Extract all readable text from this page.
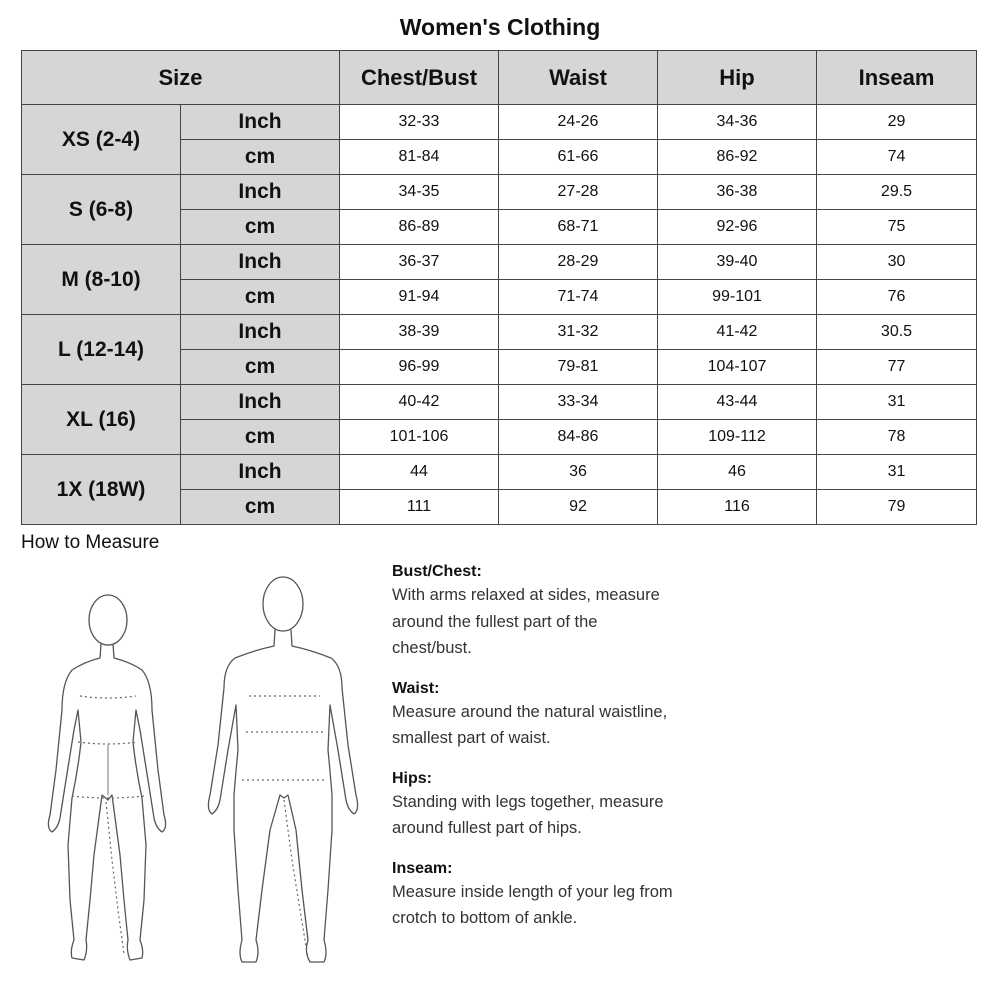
Women's Clothing
Size		Chest/Bust	Waist	Hip	Inseam
XS (2-4)	Inch	32-33	24-26	34-36	29
	cm	81-84	61-66	86-92	74
S (6-8)	Inch	34-35	27-28	36-38	29.5
	cm	86-89	68-71	92-96	75
M (8-10)	Inch	36-37	28-29	39-40	30
	cm	91-94	71-74	99-101	76
L (12-14)	Inch	38-39	31-32	41-42	30.5
	cm	96-99	79-81	104-107	77
XL (16)	Inch	40-42	33-34	43-44	31
	cm	101-106	84-86	109-112	78
1X (18W)	Inch	44	36	46	31
	cm	111	92	116	79
How to Measure
Bust/Chest:
With arms relaxed at sides, measure
around the fullest part of the
chest/bust.
Waist:
Measure around the natural waistline,
smallest part of waist.
Hips:
Standing with legs together, measure
around fullest part of hips.
Inseam:
Measure inside length of your leg from
crotch to bottom of ankle.
